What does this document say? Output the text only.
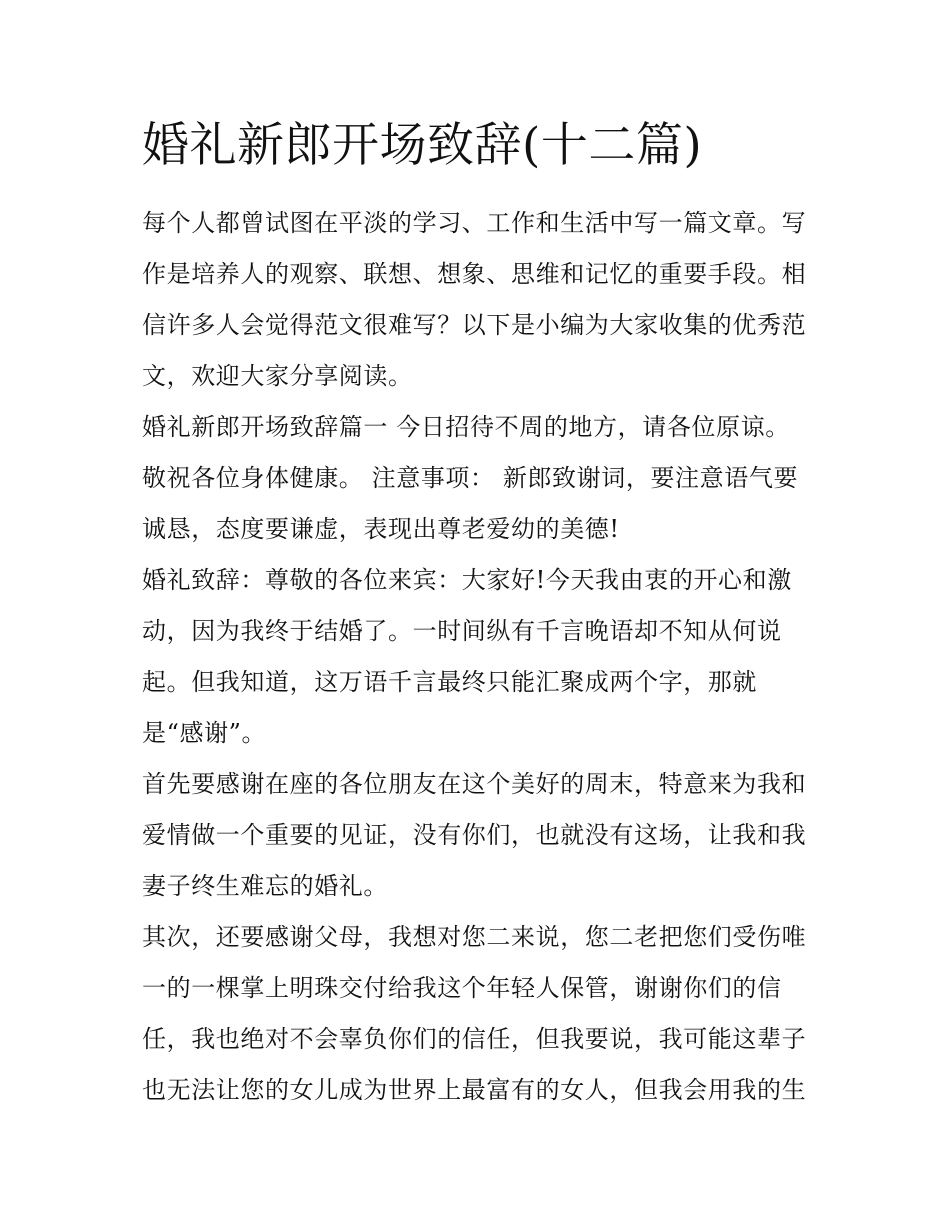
婚礼新郎开场致辞(十二篇)
每个人都曾试图在平淡的学习、工作和生活中写一篇文章。写
作是培养人的观察、联想、想象、思维和记忆的重要手段。相
信许多人会觉得范文很难写？以下是小编为大家收集的优秀范
文，欢迎大家分享阅读。
婚礼新郎开场致辞篇一 今日招待不周的地方，请各位原谅。
敬祝各位身体健康。 注意事项： 新郎致谢词，要注意语气要
诚恳，态度要谦虚，表现出尊老爱幼的美德!
婚礼致辞：尊敬的各位来宾：大家好!今天我由衷的开心和激
动，因为我终于结婚了。一时间纵有千言晚语却不知从何说
起。但我知道，这万语千言最终只能汇聚成两个字，那就
是“感谢”。
首先要感谢在座的各位朋友在这个美好的周末，特意来为我和
爱情做一个重要的见证，没有你们，也就没有这场，让我和我
妻子终生难忘的婚礼。
其次，还要感谢父母，我想对您二来说，您二老把您们受伤唯
一的一棵掌上明珠交付给我这个年轻人保管，谢谢你们的信
任，我也绝对不会辜负你们的信任，但我要说，我可能这辈子
也无法让您的女儿成为世界上最富有的女人，但我会用我的生
